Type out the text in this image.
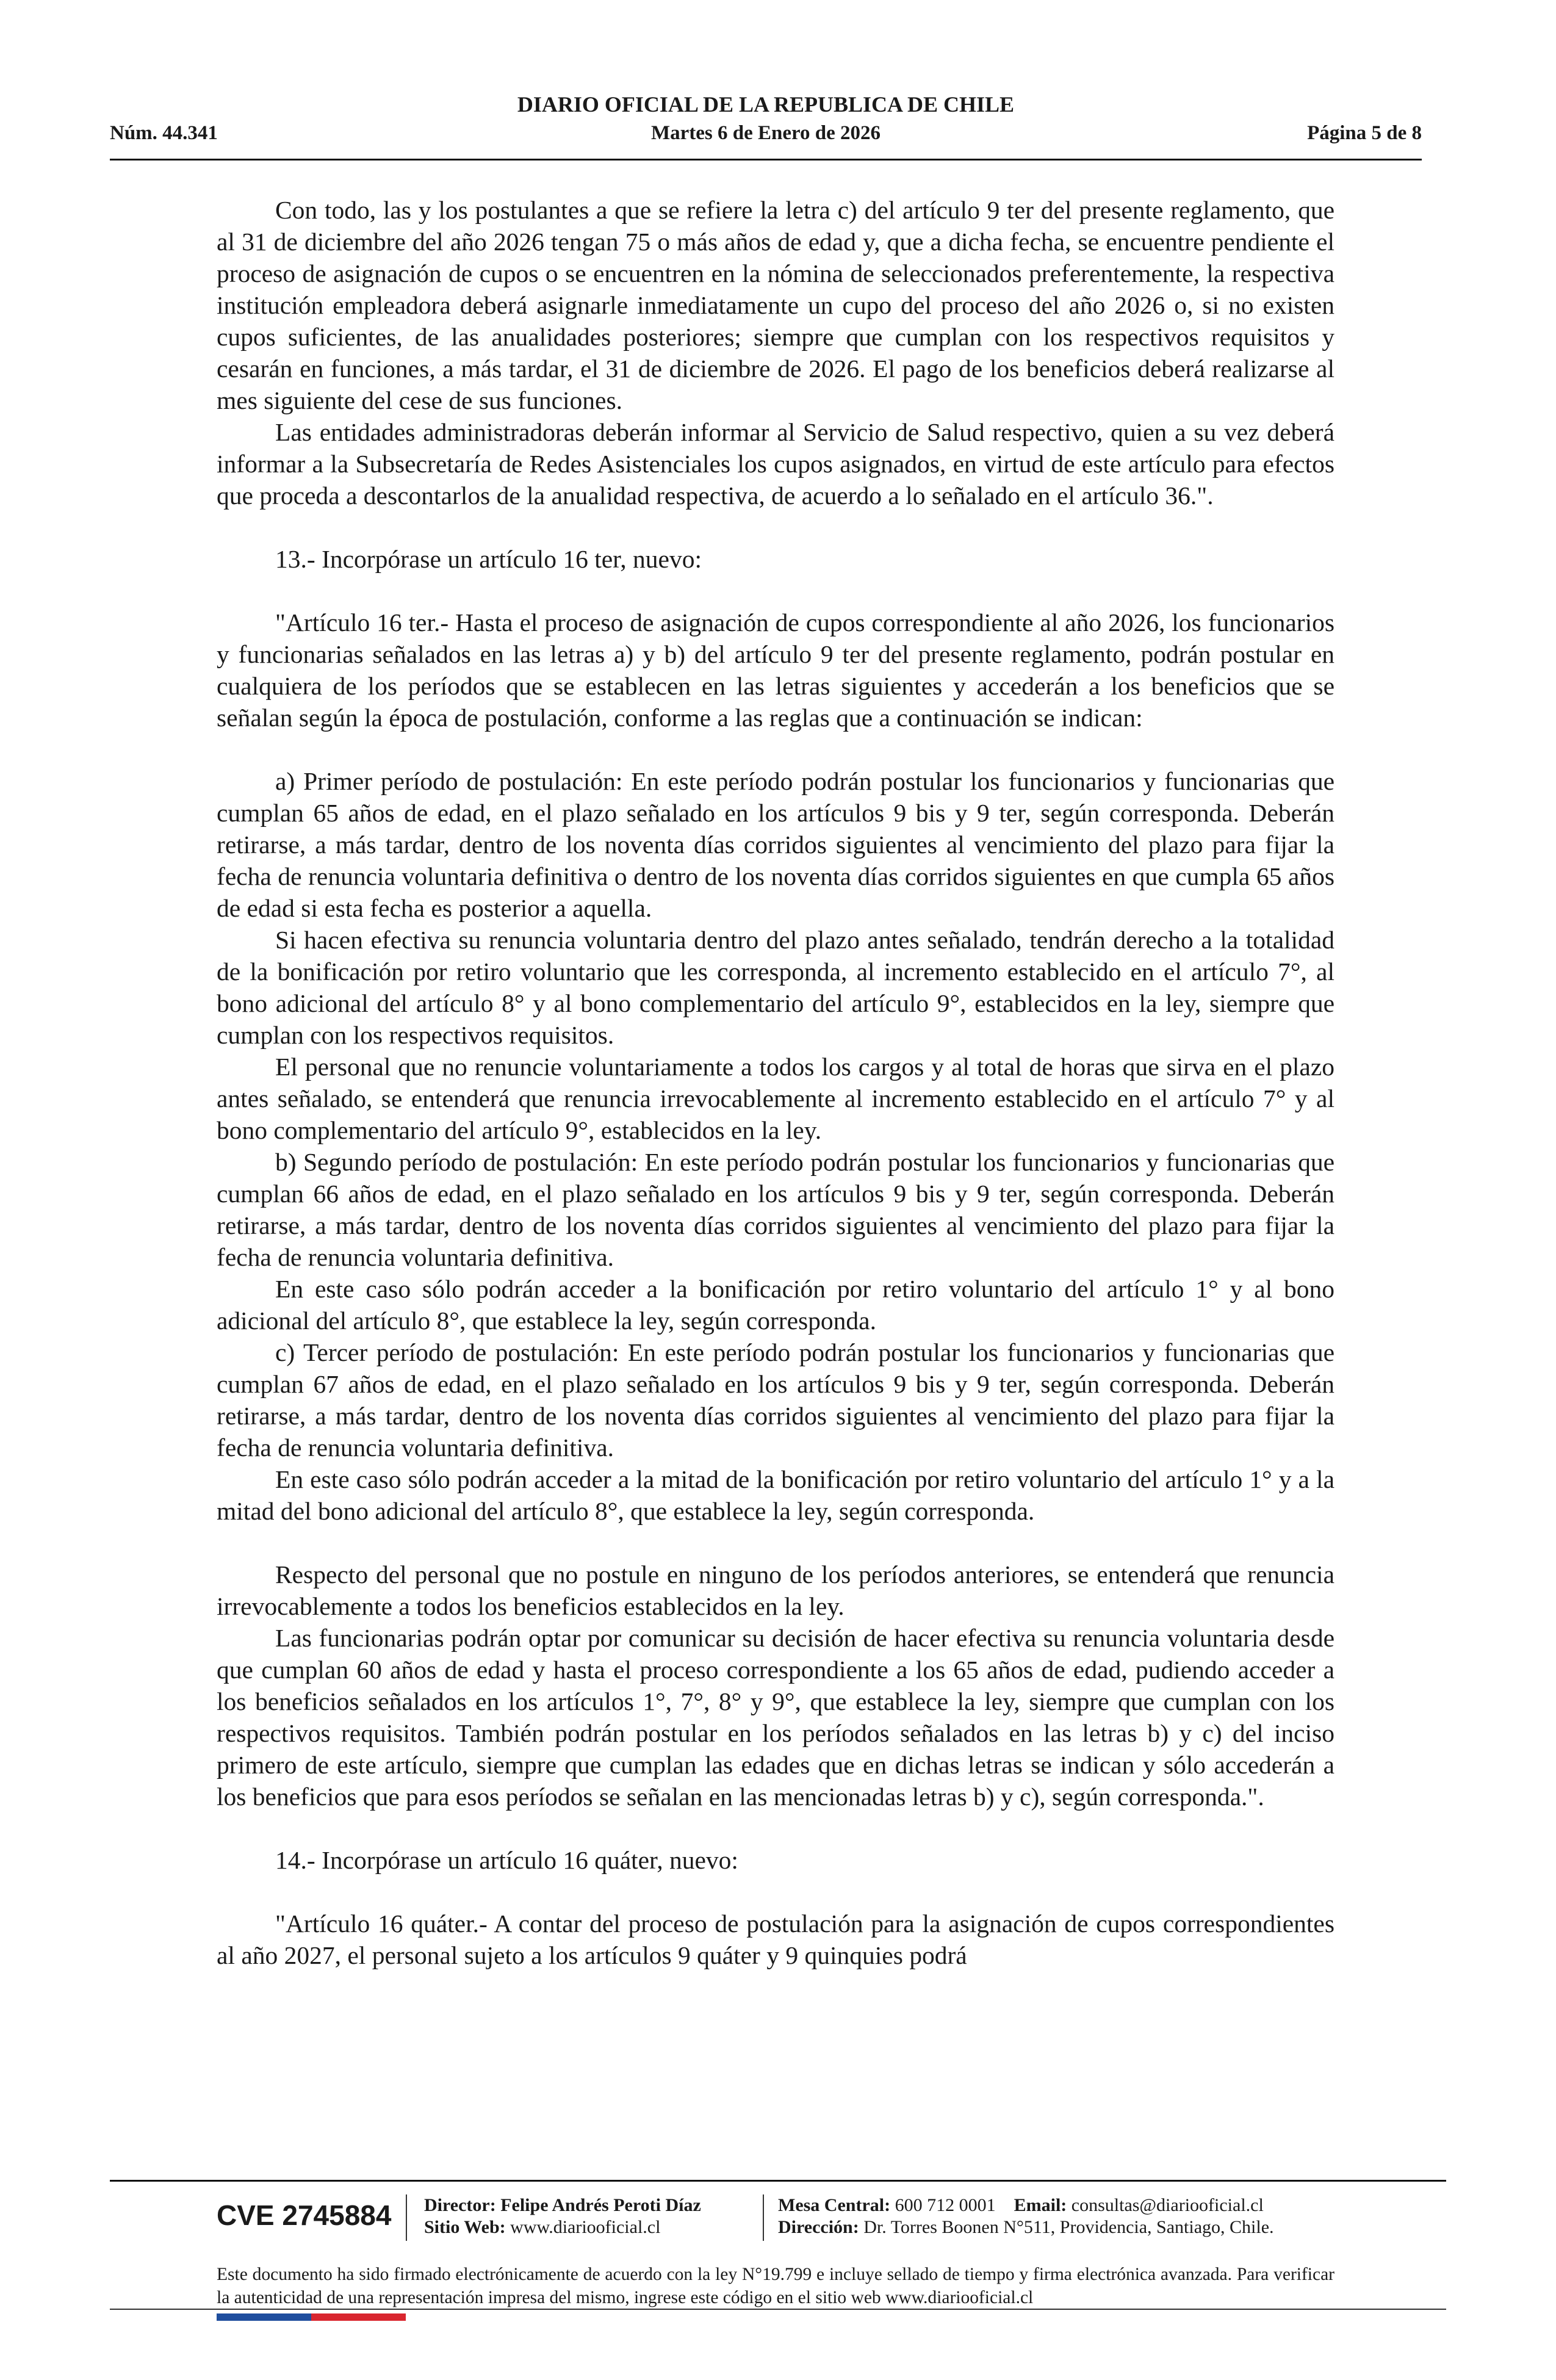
DIARIO OFICIAL DE LA REPUBLICA DE CHILE
Núm. 44.341	Martes 6 de Enero de 2026	Página 5 de 8

Con todo, las y los postulantes a que se refiere la letra c) del artículo 9 ter del presente reglamento, que al 31 de diciembre del año 2026 tengan 75 o más años de edad y, que a dicha fecha, se encuentre pendiente el proceso de asignación de cupos o se encuentren en la nómina de seleccionados preferentemente, la respectiva institución empleadora deberá asignarle inmediatamente un cupo del proceso del año 2026 o, si no existen cupos suficientes, de las anualidades posteriores; siempre que cumplan con los respectivos requisitos y cesarán en funciones, a más tardar, el 31 de diciembre de 2026. El pago de los beneficios deberá realizarse al mes siguiente del cese de sus funciones.

Las entidades administradoras deberán informar al Servicio de Salud respectivo, quien a su vez deberá informar a la Subsecretaría de Redes Asistenciales los cupos asignados, en virtud de este artículo para efectos que proceda a descontarlos de la anualidad respectiva, de acuerdo a lo señalado en el artículo 36.".

13.- Incorpórase un artículo 16 ter, nuevo:

"Artículo 16 ter.- Hasta el proceso de asignación de cupos correspondiente al año 2026, los funcionarios y funcionarias señalados en las letras a) y b) del artículo 9 ter del presente reglamento, podrán postular en cualquiera de los períodos que se establecen en las letras siguientes y accederán a los beneficios que se señalan según la época de postulación, conforme a las reglas que a continuación se indican:

a) Primer período de postulación: En este período podrán postular los funcionarios y funcionarias que cumplan 65 años de edad, en el plazo señalado en los artículos 9 bis y 9 ter, según corresponda. Deberán retirarse, a más tardar, dentro de los noventa días corridos siguientes al vencimiento del plazo para fijar la fecha de renuncia voluntaria definitiva o dentro de los noventa días corridos siguientes en que cumpla 65 años de edad si esta fecha es posterior a aquella.

Si hacen efectiva su renuncia voluntaria dentro del plazo antes señalado, tendrán derecho a la totalidad de la bonificación por retiro voluntario que les corresponda, al incremento establecido en el artículo 7°, al bono adicional del artículo 8° y al bono complementario del artículo 9°, establecidos en la ley, siempre que cumplan con los respectivos requisitos.

El personal que no renuncie voluntariamente a todos los cargos y al total de horas que sirva en el plazo antes señalado, se entenderá que renuncia irrevocablemente al incremento establecido en el artículo 7° y al bono complementario del artículo 9°, establecidos en la ley.

b) Segundo período de postulación: En este período podrán postular los funcionarios y funcionarias que cumplan 66 años de edad, en el plazo señalado en los artículos 9 bis y 9 ter, según corresponda. Deberán retirarse, a más tardar, dentro de los noventa días corridos siguientes al vencimiento del plazo para fijar la fecha de renuncia voluntaria definitiva.

En este caso sólo podrán acceder a la bonificación por retiro voluntario del artículo 1° y al bono adicional del artículo 8°, que establece la ley, según corresponda.

c) Tercer período de postulación: En este período podrán postular los funcionarios y funcionarias que cumplan 67 años de edad, en el plazo señalado en los artículos 9 bis y 9 ter, según corresponda. Deberán retirarse, a más tardar, dentro de los noventa días corridos siguientes al vencimiento del plazo para fijar la fecha de renuncia voluntaria definitiva.

En este caso sólo podrán acceder a la mitad de la bonificación por retiro voluntario del artículo 1° y a la mitad del bono adicional del artículo 8°, que establece la ley, según corresponda.

Respecto del personal que no postule en ninguno de los períodos anteriores, se entenderá que renuncia irrevocablemente a todos los beneficios establecidos en la ley.

Las funcionarias podrán optar por comunicar su decisión de hacer efectiva su renuncia voluntaria desde que cumplan 60 años de edad y hasta el proceso correspondiente a los 65 años de edad, pudiendo acceder a los beneficios señalados en los artículos 1°, 7°, 8° y 9°, que establece la ley, siempre que cumplan con los respectivos requisitos. También podrán postular en los períodos señalados en las letras b) y c) del inciso primero de este artículo, siempre que cumplan las edades que en dichas letras se indican y sólo accederán a los beneficios que para esos períodos se señalan en las mencionadas letras b) y c), según corresponda.".

14.- Incorpórase un artículo 16 quáter, nuevo:

"Artículo 16 quáter.- A contar del proceso de postulación para la asignación de cupos correspondientes al año 2027, el personal sujeto a los artículos 9 quáter y 9 quinquies podrá

CVE 2745884 Director: Felipe Andrés Peroti Díaz
Sitio Web: www.diariooficial.cl
Mesa Central: 600 712 0001 Email: consultas@diariooficial.cl
Dirección: Dr. Torres Boonen N°511, Providencia, Santiago, Chile.
Este documento ha sido firmado electrónicamente de acuerdo con la ley N°19.799 e incluye sellado de tiempo y firma electrónica avanzada. Para verificar la autenticidad de una representación impresa del mismo, ingrese este código en el sitio web www.diariooficial.cl
